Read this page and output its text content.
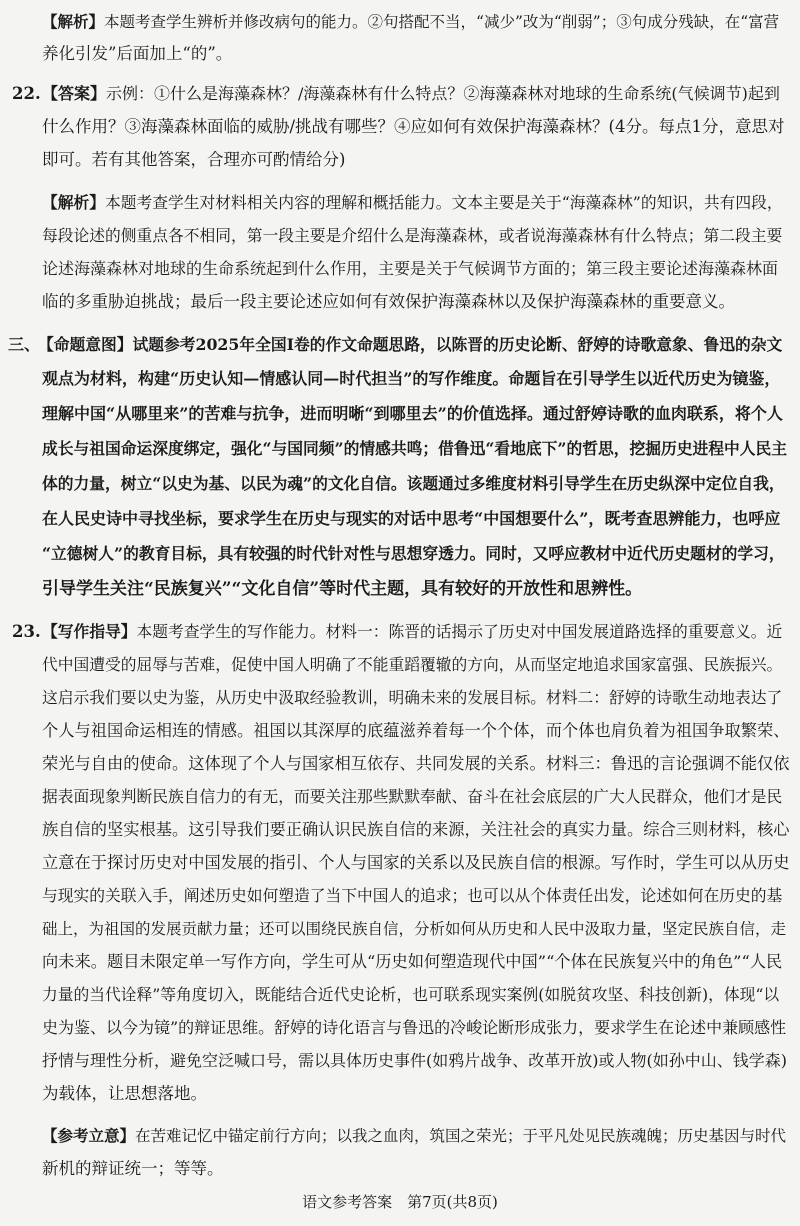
【解析】本题考查学生辨析并修改病句的能力。②句搭配不当，“减少”改为“削弱”；③句成分残缺，在“富营
养化引发”后面加上“的”。
22. 【答案】示例：①什么是海藻森林？/海藻森林有什么特点？②海藻森林对地球的生命系统(气候调节)起到
什么作用？③海藻森林面临的威胁/挑战有哪些？④应如何有效保护海藻森林？(4分。每点1分，意思对
即可。若有其他答案，合理亦可酌情给分)
【解析】本题考查学生对材料相关内容的理解和概括能力。文本主要是关于“海藻森林”的知识，共有四段，
每段论述的侧重点各不相同，第一段主要是介绍什么是海藻森林，或者说海藻森林有什么特点；第二段主要
论述海藻森林对地球的生命系统起到什么作用，主要是关于气候调节方面的；第三段主要论述海藻森林面
临的多重胁迫挑战；最后一段主要论述应如何有效保护海藻森林以及保护海藻森林的重要意义。
三、
【命题意图】试题参考2025年全国Ⅰ卷的作文命题思路，以陈晋的历史论断、舒婷的诗歌意象、鲁迅的杂文
观点为材料，构建“历史认知—情感认同—时代担当”的写作维度。命题旨在引导学生以近代历史为镜鉴，
理解中国“从哪里来”的苦难与抗争，进而明晰“到哪里去”的价值选择。通过舒婷诗歌的血肉联系，将个人
成长与祖国命运深度绑定，强化“与国同频”的情感共鸣；借鲁迅“看地底下”的哲思，挖掘历史进程中人民主
体的力量，树立“以史为基、以民为魂”的文化自信。该题通过多维度材料引导学生在历史纵深中定位自我，
在人民史诗中寻找坐标，要求学生在历史与现实的对话中思考“中国想要什么”，既考查思辨能力，也呼应
“立德树人”的教育目标，具有较强的时代针对性与思想穿透力。同时，又呼应教材中近代历史题材的学习，
引导学生关注“民族复兴”“文化自信”等时代主题，具有较好的开放性和思辨性。
23. 【写作指导】本题考查学生的写作能力。材料一：陈晋的话揭示了历史对中国发展道路选择的重要意义。近
代中国遭受的屈辱与苦难，促使中国人明确了不能重蹈覆辙的方向，从而坚定地追求国家富强、民族振兴。
这启示我们要以史为鉴，从历史中汲取经验教训，明确未来的发展目标。材料二：舒婷的诗歌生动地表达了
个人与祖国命运相连的情感。祖国以其深厚的底蕴滋养着每一个个体，而个体也肩负着为祖国争取繁荣、
荣光与自由的使命。这体现了个人与国家相互依存、共同发展的关系。材料三：鲁迅的言论强调不能仅依
据表面现象判断民族自信力的有无，而要关注那些默默奉献、奋斗在社会底层的广大人民群众，他们才是民
族自信的坚实根基。这引导我们要正确认识民族自信的来源，关注社会的真实力量。综合三则材料，核心
立意在于探讨历史对中国发展的指引、个人与国家的关系以及民族自信的根源。写作时，学生可以从历史
与现实的关联入手，阐述历史如何塑造了当下中国人的追求；也可以从个体责任出发，论述如何在历史的基
础上，为祖国的发展贡献力量；还可以围绕民族自信，分析如何从历史和人民中汲取力量，坚定民族自信，走
向未来。题目未限定单一写作方向，学生可从“历史如何塑造现代中国”“个体在民族复兴中的角色”“人民
力量的当代诠释”等角度切入，既能结合近代史论析，也可联系现实案例(如脱贫攻坚、科技创新)，体现“以
史为鉴、以今为镜”的辩证思维。舒婷的诗化语言与鲁迅的冷峻论断形成张力，要求学生在论述中兼顾感性
抒情与理性分析，避免空泛喊口号，需以具体历史事件(如鸦片战争、改革开放)或人物(如孙中山、钱学森)
为载体，让思想落地。
【参考立意】在苦难记忆中锚定前行方向；以我之血肉，筑国之荣光；于平凡处见民族魂魄；历史基因与时代
新机的辩证统一；等等。
语文参考答案　第7页(共8页)
